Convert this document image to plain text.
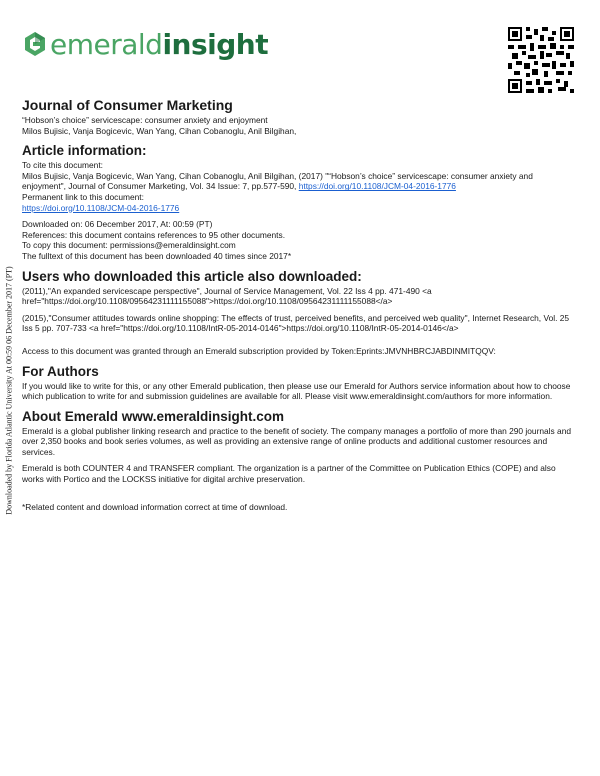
emeraldinsight
Downloaded by Florida Atlantic University At 00:59 06 December 2017 (PT)
Journal of Consumer Marketing

“Hobson’s choice” servicescape: consumer anxiety and enjoyment

Milos Bujisic, Vanja Bogicevic, Wan Yang, Cihan Cobanoglu, Anil Bilgihan,

Article information:

To cite this document:

Milos Bujisic, Vanja Bogicevic, Wan Yang, Cihan Cobanoglu, Anil Bilgihan, (2017) "“Hobson’s choice” servicescape: consumer anxiety and enjoyment", Journal of Consumer Marketing, Vol. 34 Issue: 7, pp.577-590, https://doi.org/10.1108/JCM-04-2016-1776

Permanent link to this document:

https://doi.org/10.1108/JCM-04-2016-1776

Downloaded on: 06 December 2017, At: 00:59 (PT)

References: this document contains references to 95 other documents.

To copy this document: permissions@emeraldinsight.com

The fulltext of this document has been downloaded 40 times since 2017*

Users who downloaded this article also downloaded:

(2011),"An expanded servicescape perspective", Journal of Service Management, Vol. 22 Iss 4 pp. 471-490 <a href="https://doi.org/10.1108/09564231111155088">https://doi.org/10.1108/09564231111155088</a>

(2015),"Consumer attitudes towards online shopping: The effects of trust, perceived benefits, and perceived web quality", Internet Research, Vol. 25 Iss 5 pp. 707-733 <a href="https://doi.org/10.1108/IntR-05-2014-0146">https://doi.org/10.1108/IntR-05-2014-0146</a>

Access to this document was granted through an Emerald subscription provided by Token:Eprints:JMVNHBRCJABDINMITQQV:

For Authors

If you would like to write for this, or any other Emerald publication, then please use our Emerald for Authors service information about how to choose which publication to write for and submission guidelines are available for all. Please visit www.emeraldinsight.com/authors for more information.

About Emerald www.emeraldinsight.com

Emerald is a global publisher linking research and practice to the benefit of society. The company manages a portfolio of more than 290 journals and over 2,350 books and book series volumes, as well as providing an extensive range of online products and additional customer resources and services.

Emerald is both COUNTER 4 and TRANSFER compliant. The organization is a partner of the Committee on Publication Ethics (COPE) and also works with Portico and the LOCKSS initiative for digital archive preservation.

*Related content and download information correct at time of download.
